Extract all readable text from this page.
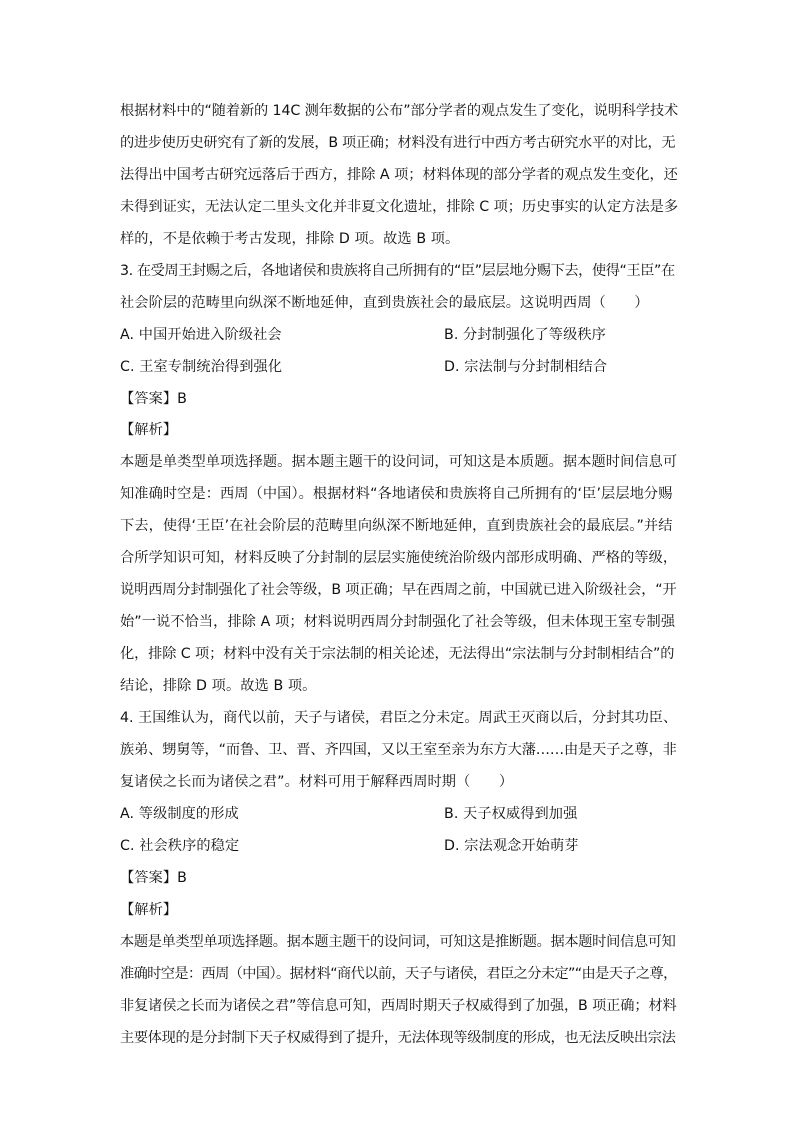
根据材料中的“随着新的 14C 测年数据的公布”部分学者的观点发生了变化，说明科学技术
的进步使历史研究有了新的发展，B 项正确；材料没有进行中西方考古研究水平的对比，无
法得出中国考古研究远落后于西方，排除 A 项；材料体现的部分学者的观点发生变化，还
未得到证实，无法认定二里头文化并非夏文化遗址，排除 C 项；历史事实的认定方法是多
样的，不是依赖于考古发现，排除 D 项。故选 B 项。
3. 在受周王封赐之后，各地诸侯和贵族将自己所拥有的“臣”层层地分赐下去，使得“王臣”在
社会阶层的范畴里向纵深不断地延伸，直到贵族社会的最底层。这说明西周（　　）
A. 中国开始进入阶级社会	B. 分封制强化了等级秩序
C. 王室专制统治得到强化	D. 宗法制与分封制相结合
【答案】B
【解析】
本题是单类型单项选择题。据本题主题干的设问词，可知这是本质题。据本题时间信息可
知准确时空是：西周（中国）。根据材料“各地诸侯和贵族将自己所拥有的‘臣’层层地分赐
下去，使得‘王臣’在社会阶层的范畴里向纵深不断地延伸，直到贵族社会的最底层。”并结
合所学知识可知，材料反映了分封制的层层实施使统治阶级内部形成明确、严格的等级，
说明西周分封制强化了社会等级，B 项正确；早在西周之前，中国就已进入阶级社会，“开
始”一说不恰当，排除 A 项；材料说明西周分封制强化了社会等级，但未体现王室专制强
化，排除 C 项；材料中没有关于宗法制的相关论述，无法得出“宗法制与分封制相结合”的
结论，排除 D 项。故选 B 项。
4. 王国维认为，商代以前，天子与诸侯，君臣之分未定。周武王灭商以后，分封其功臣、
族弟、甥舅等，“而鲁、卫、晋、齐四国，又以王室至亲为东方大藩……由是天子之尊，非
复诸侯之长而为诸侯之君”。材料可用于解释西周时期（　　）
A. 等级制度的形成	B. 天子权威得到加强
C. 社会秩序的稳定	D. 宗法观念开始萌芽
【答案】B
【解析】
本题是单类型单项选择题。据本题主题干的设问词，可知这是推断题。据本题时间信息可知
准确时空是：西周（中国）。据材料“商代以前，天子与诸侯，君臣之分未定”“由是天子之尊，
非复诸侯之长而为诸侯之君”等信息可知，西周时期天子权威得到了加强，B 项正确；材料
主要体现的是分封制下天子权威得到了提升，无法体现等级制度的形成，也无法反映出宗法
